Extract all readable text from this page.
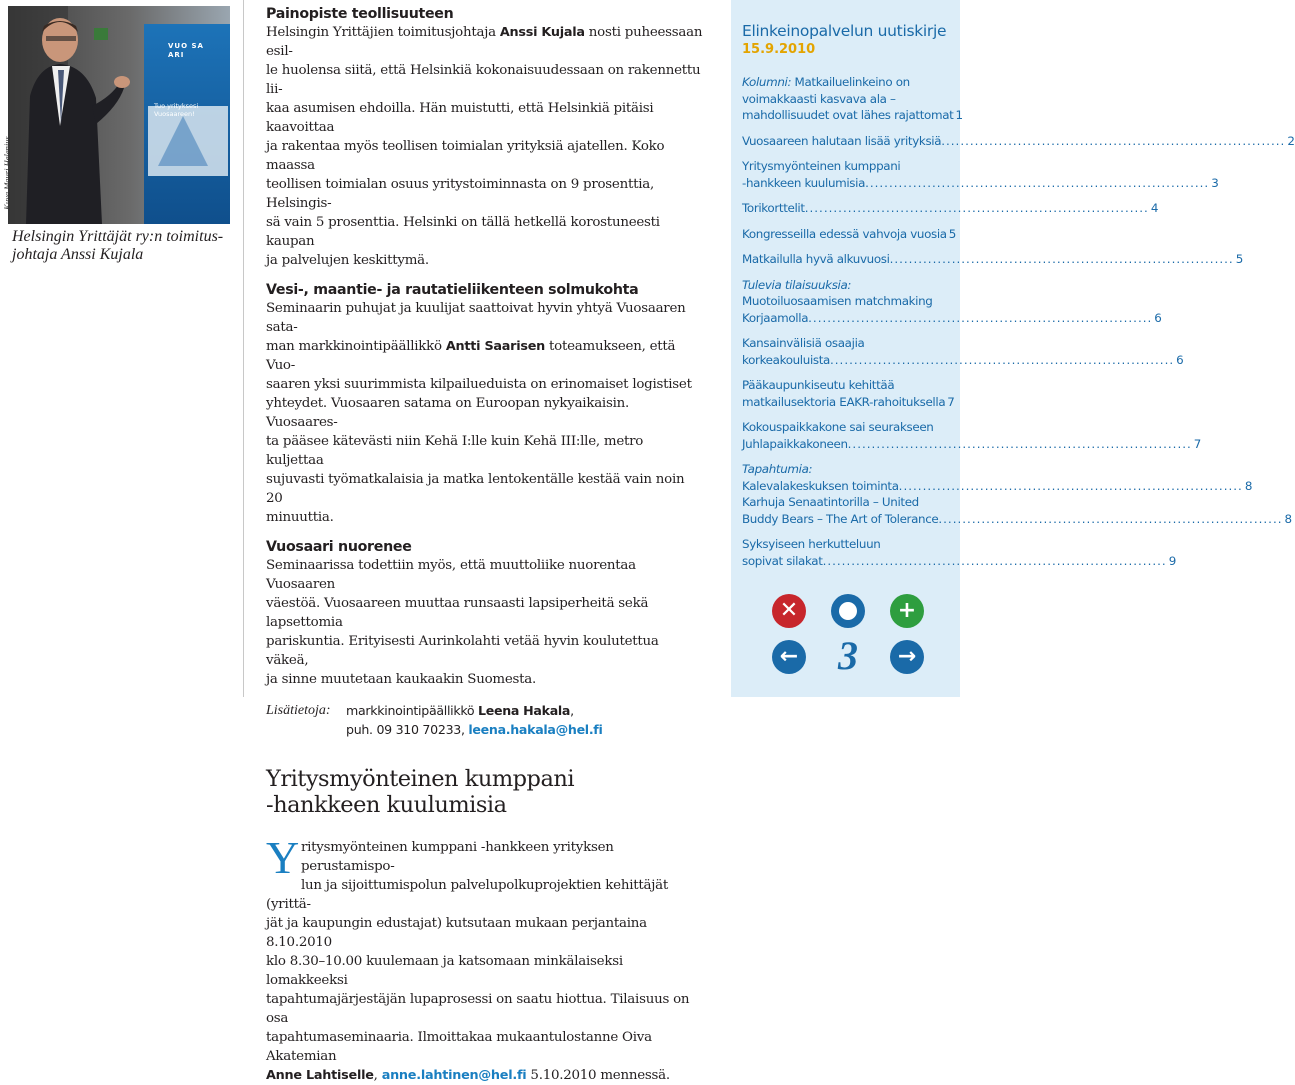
VUO SA ARI
Tuo yrityksesi Vuosaareen!
Kuva Mauri Helenius
Helsingin Yrittäjät ry:n toimitus-
johtaja Anssi Kujala
Painopiste teollisuuteen
Helsingin Yrittäjien toimitusjohtaja Anssi Kujala nosti puheessaan esil-
le huolensa siitä, että Helsinkiä kokonaisuudessaan on rakennettu lii-
kaa asumisen ehdoilla. Hän muistutti, että Helsinkiä pitäisi kaavoittaa
ja rakentaa myös teollisen toimialan yrityksiä ajatellen. Koko maassa
teollisen toimialan osuus yritystoiminnasta on 9 prosenttia, Helsingis-
sä vain 5 prosenttia. Helsinki on tällä hetkellä korostuneesti kaupan
ja palvelujen keskittymä.
Vesi-, maantie- ja rautatieliikenteen solmukohta
Seminaarin puhujat ja kuulijat saattoivat hyvin yhtyä Vuosaaren sata-
man markkinointipäällikkö Antti Saarisen toteamukseen, että Vuo-
saaren yksi suurimmista kilpailueduista on erinomaiset logistiset
yhteydet. Vuosaaren satama on Euroopan nykyaikaisin. Vuosaares-
ta pääsee kätevästi niin Kehä I:lle kuin Kehä III:lle, metro kuljettaa
sujuvasti työmatkalaisia ja matka lentokentälle kestää vain noin 20
minuuttia.
Vuosaari nuorenee
Seminaarissa todettiin myös, että muuttoliike nuorentaa Vuosaaren
väestöä. Vuosaareen muuttaa runsaasti lapsiperheitä sekä lapsettomia
pariskuntia. Erityisesti Aurinkolahti vetää hyvin koulutettua väkeä,
ja sinne muutetaan kaukaakin Suomesta.
Lisätietoja:	markkinointipäällikkö Leena Hakala,
puh. 09 310 70233, leena.hakala@hel.fi
Yritysmyönteinen kumppani
-hankkeen kuulumisia
Y ritysmyönteinen kumppani -hankkeen yrityksen perustamispo-
lun ja sijoittumispolun palvelupolkuprojektien kehittäjät (yrittä-
jät ja kaupungin edustajat) kutsutaan mukaan perjantaina 8.10.2010
klo 8.30–10.00 kuulemaan ja katsomaan minkälaiseksi lomakkeeksi
tapahtumajärjestäjän lupaprosessi on saatu hiottua. Tilaisuus on osa
tapahtumaseminaaria. Ilmoittakaa mukaantulostanne Oiva Akatemian
Anne Lahtiselle, anne.lahtinen@hel.fi 5.10.2010 mennessä.
Elinkeinopalvelun uutiskirje
15.9.2010
Kolumni: Matkailuelinkeino on
voimakkaasti kasvava ala –
mahdollisuudet ovat lähes rajattomat 1
Vuosaareen halutaan lisää yrityksiä .....	2
Yritysmyönteinen kumppani
-hankkeen kuulumisia .....	3
Torikorttelit .....	4
Kongresseilla edessä vahvoja vuosia 5
Matkailulla hyvä alkuvuosi .....	5
Tulevia tilaisuuksia:
Muotoiluosaamisen matchmaking
Korjaamolla .....	6
Kansainvälisiä osaajia
korkeakouluista .....	6
Pääkaupunkiseutu kehittää
matkailusektoria EAKR-rahoituksella 7
Kokouspaikkakone sai seurakseen
Juhlapaikkakoneen .....	7
Tapahtumia:
Kalevalakeskuksen toiminta .....	8
Karhuja Senaatintorilla – United
Buddy Bears – The Art of Tolerance .....	8
Syksyiseen herkutteluun
sopivat silakat .....	9
✕	+
← 3	→
